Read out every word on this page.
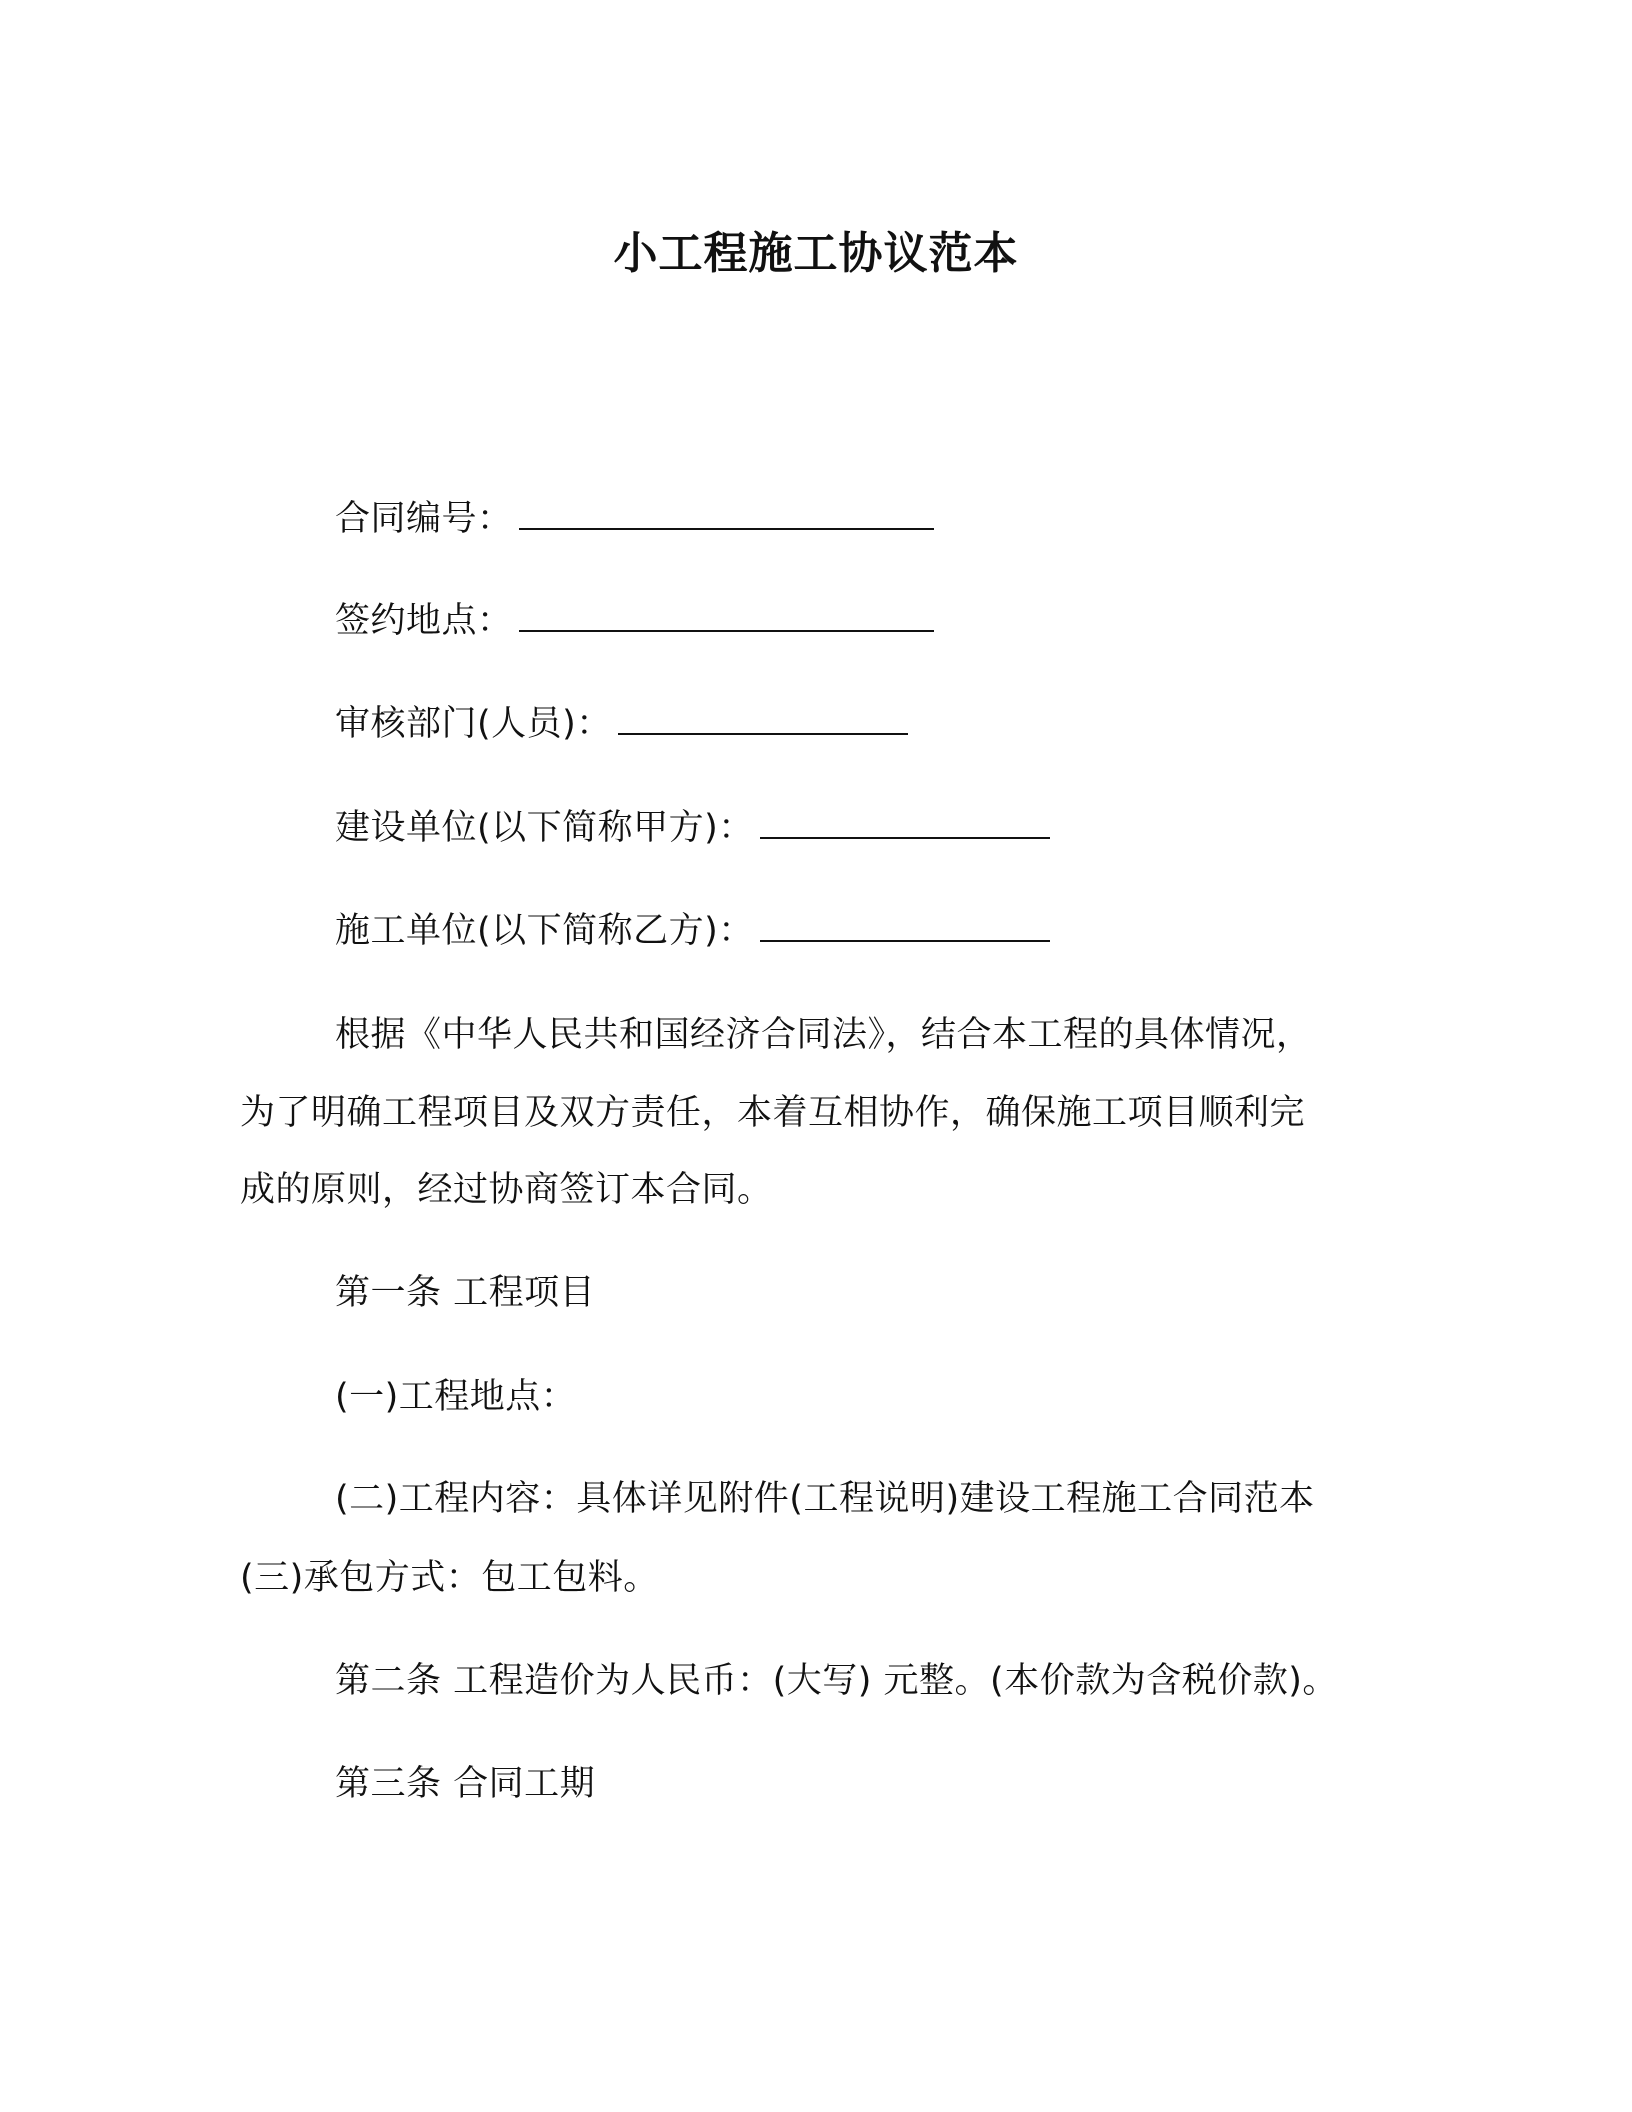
小工程施工协议范本
合同编号：
签约地点：
审核部门(人员)：
建设单位(以下简称甲方)：
施工单位(以下简称乙方)：
根据《中华人民共和国经济合同法》，结合本工程的具体情况，
为了明确工程项目及双方责任，本着互相协作，确保施工项目顺利完
成的原则，经过协商签订本合同。
第一条 工程项目
(一)工程地点：
(二)工程内容：具体详见附件(工程说明)建设工程施工合同范本
(三)承包方式：包工包料。
第二条 工程造价为人民币：(大写) 元整。(本价款为含税价款)。
第三条 合同工期
